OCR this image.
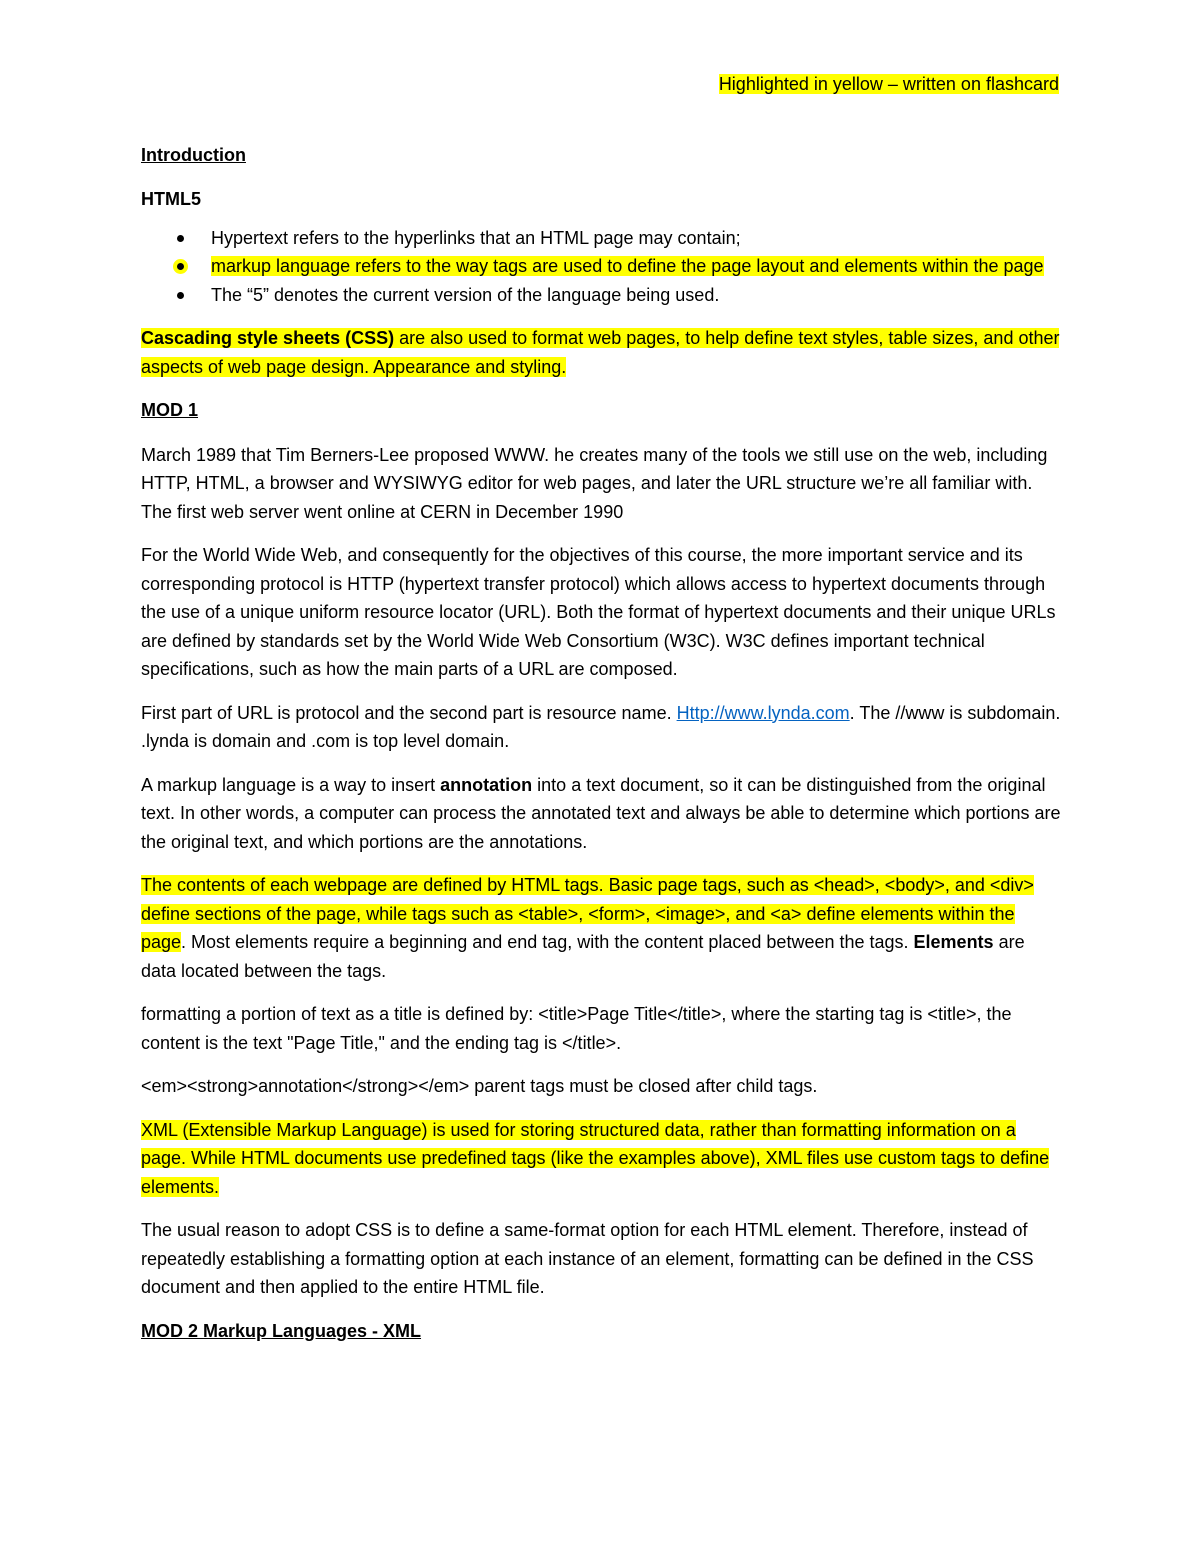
Highlighted in yellow – written on flashcard
Introduction
HTML5
Hypertext refers to the hyperlinks that an HTML page may contain;
markup language refers to the way tags are used to define the page layout and elements within the page
The “5” denotes the current version of the language being used.

Cascading style sheets (CSS) are also used to format web pages, to help define text styles, table sizes, and other aspects of web page design. Appearance and styling.

MOD 1

March 1989 that Tim Berners-Lee proposed WWW. he creates many of the tools we still use on the web, including HTTP, HTML, a browser and WYSIWYG editor for web pages, and later the URL structure we’re all familiar with. The first web server went online at CERN in December 1990

For the World Wide Web, and consequently for the objectives of this course, the more important service and its corresponding protocol is HTTP (hypertext transfer protocol) which allows access to hypertext documents through the use of a unique uniform resource locator (URL). Both the format of hypertext documents and their unique URLs are defined by standards set by the World Wide Web Consortium (W3C). W3C defines important technical specifications, such as how the main parts of a URL are composed.

First part of URL is protocol and the second part is resource name. Http://www.lynda.com. The //www is subdomain. .lynda is domain and .com is top level domain.

A markup language is a way to insert annotation into a text document, so it can be distinguished from the original text. In other words, a computer can process the annotated text and always be able to determine which portions are the original text, and which portions are the annotations.

The contents of each webpage are defined by HTML tags. Basic page tags, such as <head>, <body>, and <div> define sections of the page, while tags such as <table>, <form>, <image>, and <a> define elements within the page. Most elements require a beginning and end tag, with the content placed between the tags. Elements are data located between the tags.

formatting a portion of text as a title is defined by: <title>Page Title</title>, where the starting tag is <title>, the content is the text "Page Title," and the ending tag is </title>.

<em><strong>annotation</strong></em> parent tags must be closed after child tags.

XML (Extensible Markup Language) is used for storing structured data, rather than formatting information on a page. While HTML documents use predefined tags (like the examples above), XML files use custom tags to define elements.

The usual reason to adopt CSS is to define a same-format option for each HTML element. Therefore, instead of repeatedly establishing a formatting option at each instance of an element, formatting can be defined in the CSS document and then applied to the entire HTML file.

MOD 2 Markup Languages - XML
